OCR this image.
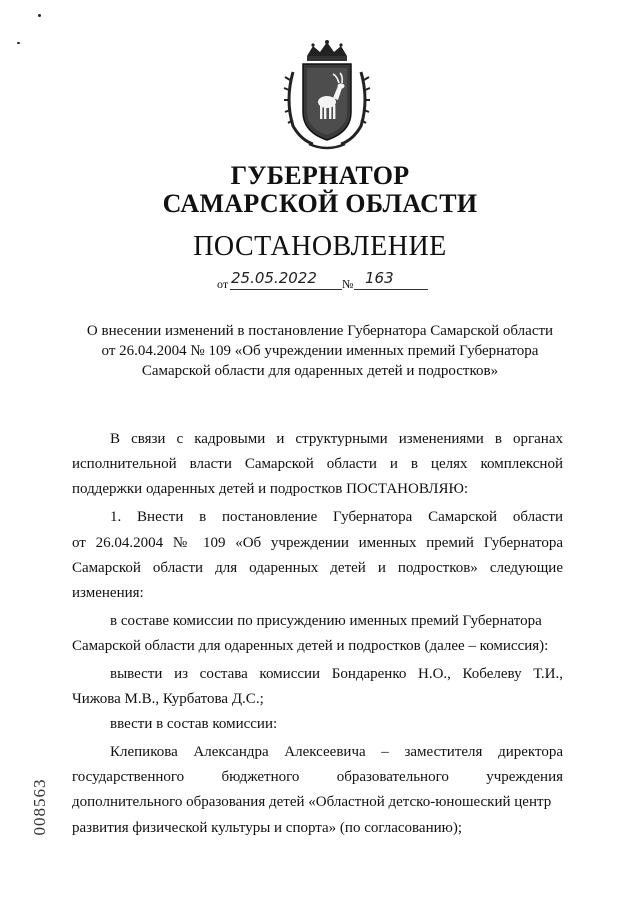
ГУБЕРНАТОР
САМАРСКОЙ ОБЛАСТИ
ПОСТАНОВЛЕНИЕ
от 25.05.2022 № 163
О внесении изменений в постановление Губернатора Самарской области
от 26.04.2004 № 109 «Об учреждении именных премий Губернатора
Самарской области для одаренных детей и подростков»
В связи с кадровыми и структурными изменениями в органах
исполнительной власти Самарской области и в целях комплексной
поддержки одаренных детей и подростков ПОСТАНОВЛЯЮ:
1. Внести в постановление Губернатора Самарской области
от 26.04.2004 № 109 «Об учреждении именных премий Губернатора
Самарской области для одаренных детей и подростков» следующие
изменения:
в составе комиссии по присуждению именных премий Губернатора
Самарской области для одаренных детей и подростков (далее – комиссия):
вывести из состава комиссии Бондаренко Н.О., Кобелеву Т.И.,
Чижова М.В., Курбатова Д.С.;
ввести в состав комиссии:
Клепикова Александра Алексеевича – заместителя директора
государственного бюджетного образовательного учреждения
дополнительного образования детей «Областной детско-юношеский центр
развития физической культуры и спорта» (по согласованию);
008563
